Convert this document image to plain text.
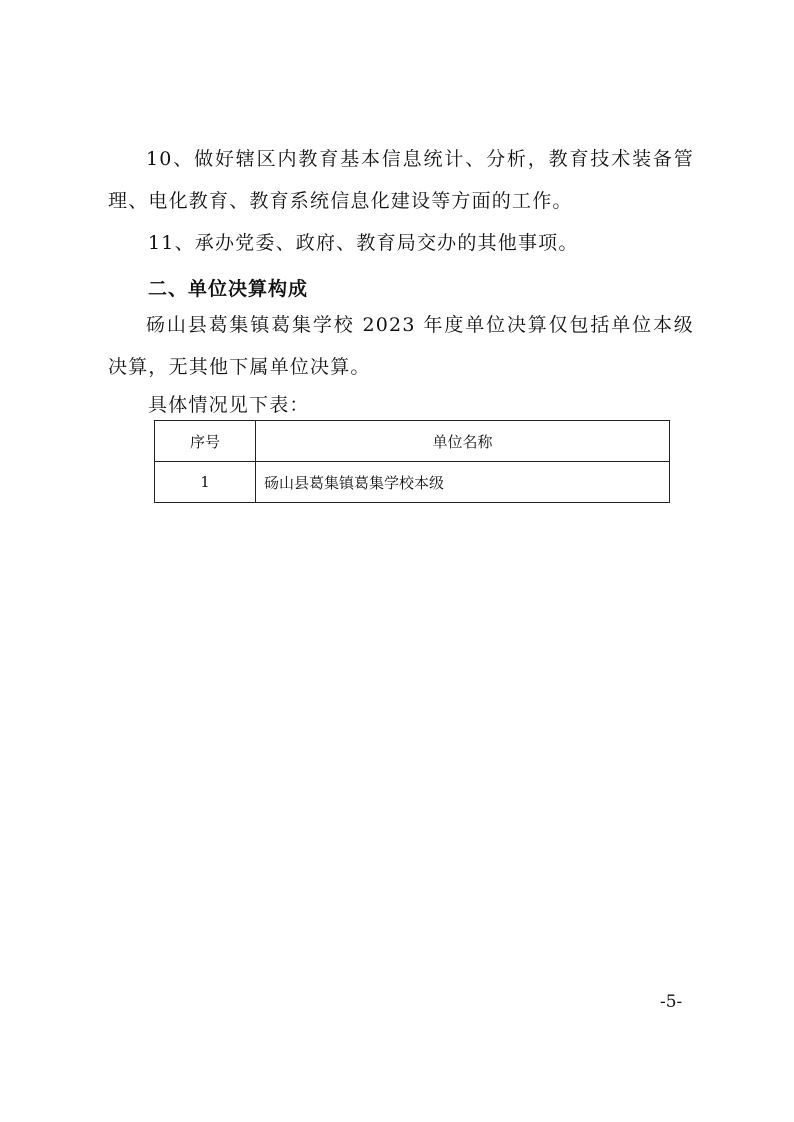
10、做好辖区内教育基本信息统计、分析，教育技术装备管理、电化教育、教育系统信息化建设等方面的工作。

11、承办党委、政府、教育局交办的其他事项。

二、单位决算构成

砀山县葛集镇葛集学校 2023 年度单位决算仅包括单位本级决算，无其他下属单位决算。

具体情况见下表：

序号	单位名称
1	砀山县葛集镇葛集学校本级
-5-
